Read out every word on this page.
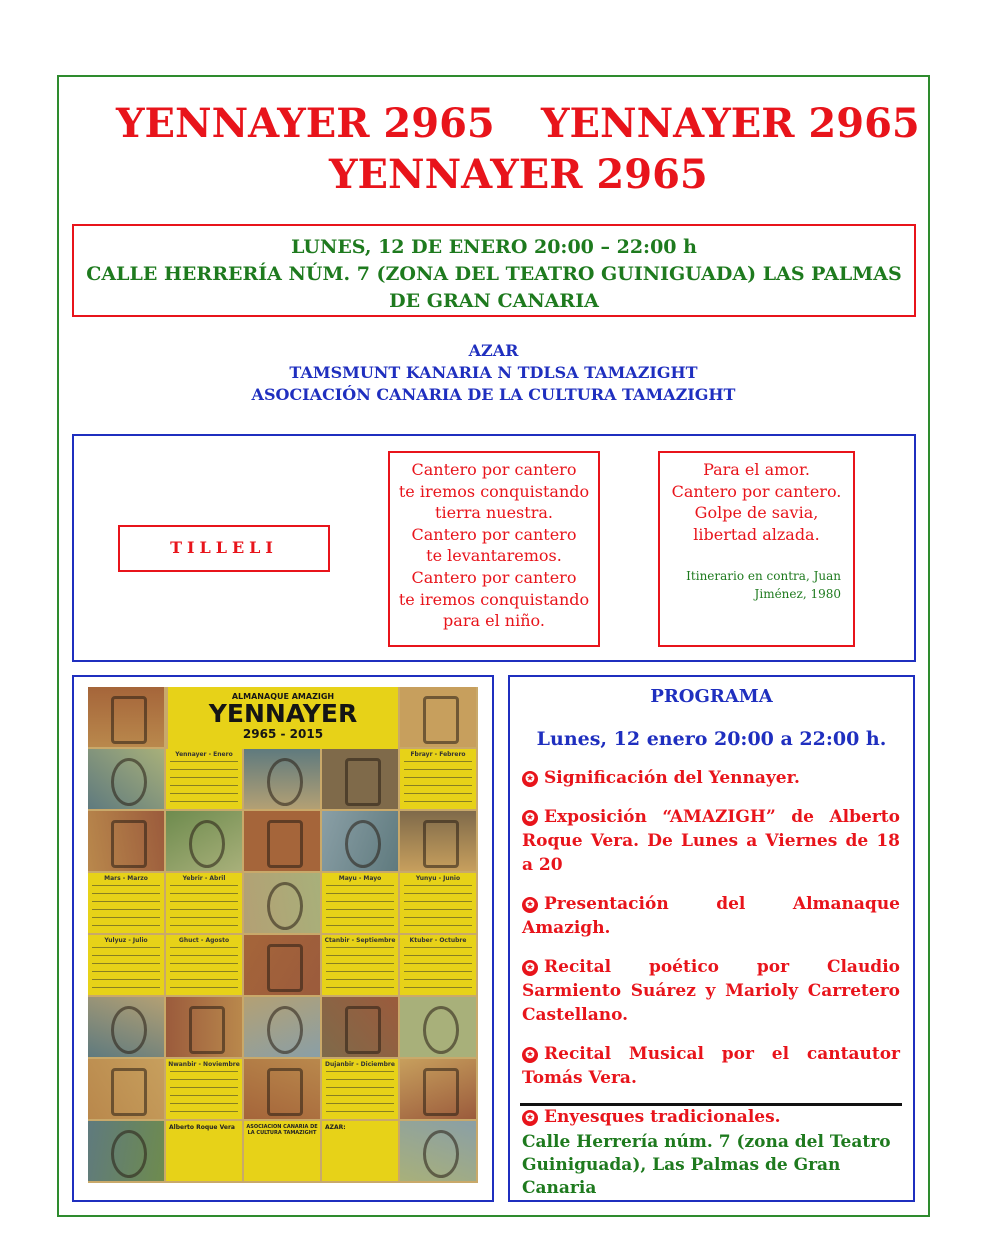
YENNAYER 2965 YENNAYER 2965
YENNAYER 2965
LUNES, 12 DE ENERO 20:00 – 22:00 h
CALLE HERRERÍA NÚM. 7 (ZONA DEL TEATRO GUINIGUADA) LAS PALMAS
DE GRAN CANARIA
AZAR
TAMSMUNT KANARIA N TDLSA TAMAZIGHT
ASOCIACIÓN CANARIA DE LA CULTURA TAMAZIGHT
TILLELI
Cantero por cantero
te iremos conquistando
tierra nuestra.
Cantero por cantero
te levantaremos.
Cantero por cantero
te iremos conquistando
para el niño.
Para el amor.
Cantero por cantero.
Golpe de savia,
libertad alzada.
Itinerario en contra, Juan
Jiménez, 1980
ALMANAQUE AMAZIGH
YENNAYER
2965 - 2015
Yennayer - Enero	Fbrayr - Febrero
Mars - Marzo	Yebrir - Abril	Mayu - Mayo	Yunyu - Junio
Yulyuz - Julio	Ghuct - Agosto	Ctanbir - Septiembre	Ktuber - Octubre
Nwanbir - Noviembre	Dujanbir - Diciembre
ASOCIACION CANARIA DE LA CULTURA TAMAZIGHT
AZAR:
Alberto Roque Vera
PROGRAMA
Lunes, 12 enero 20:00 a 22:00 h.
✪ Significación del Yennayer.
✪ Exposición “AMAZIGH” de Alberto Roque Vera. De Lunes a Viernes de 18 a 20
✪ Presentación del Almanaque Amazigh.
✪ Recital poético por Claudio Sarmiento Suárez y Marioly Carretero Castellano.
✪ Recital Musical por el cantautor Tomás Vera.
✪ Enyesques tradicionales.
Calle Herrería núm. 7 (zona del Teatro Guiniguada), Las Palmas de Gran Canaria
